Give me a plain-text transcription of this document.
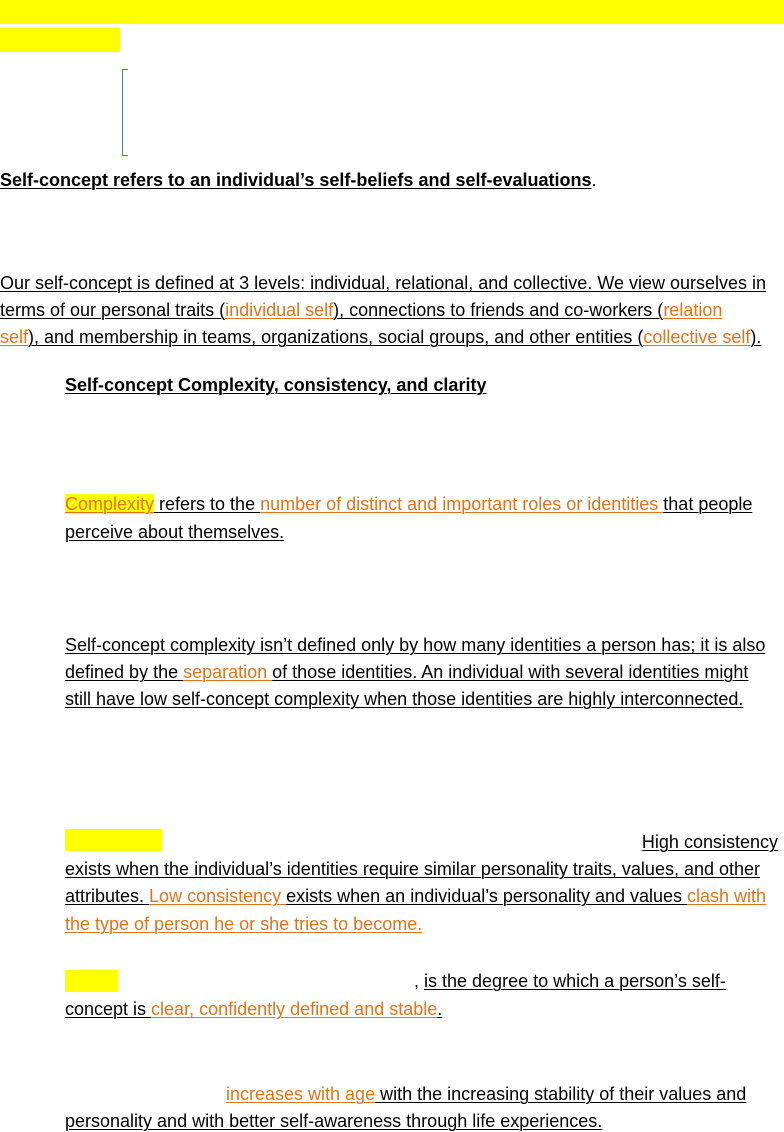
Self-concept refers to an individual’s self-beliefs and self-evaluations.
Our self-concept is defined at 3 levels: individual, relational, and collective. We view ourselves in
terms of our personal traits (individual self), connections to friends and co-workers (relation
self), and membership in teams, organizations, social groups, and other entities (collective self).
Self-concept Complexity, consistency, and clarity
Complexity refers to the number of distinct and important roles or identities that people
perceive about themselves.
Self-concept complexity isn’t defined only by how many identities a person has; it is also
defined by the separation of those identities. An individual with several identities might
still have low self-concept complexity when those identities are highly interconnected.
High consistency
exists when the individual’s identities require similar personality traits, values, and other
attributes. Low consistency exists when an individual’s personality and values clash with
the type of person he or she tries to become.
, is the degree to which a person’s self-
concept is clear, confidently defined and stable.
increases with age with the increasing stability of their values and
personality and with better self-awareness through life experiences.
